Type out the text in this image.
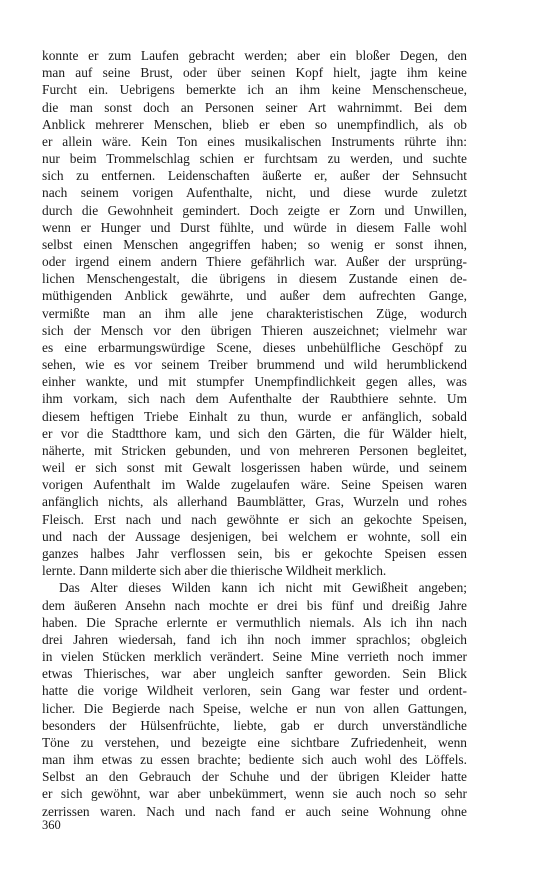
konnte er zum Laufen gebracht werden; aber ein bloßer Degen, den
man auf seine Brust, oder über seinen Kopf hielt, jagte ihm keine
Furcht ein. Uebrigens bemerkte ich an ihm keine Menschenscheue,
die man sonst doch an Personen seiner Art wahrnimmt. Bei dem
Anblick mehrerer Menschen, blieb er eben so unempfindlich, als ob
er allein wäre. Kein Ton eines musikalischen Instruments rührte ihn:
nur beim Trommelschlag schien er furchtsam zu werden, und suchte
sich zu entfernen. Leidenschaften äußerte er, außer der Sehnsucht
nach seinem vorigen Aufenthalte, nicht, und diese wurde zuletzt
durch die Gewohnheit gemindert. Doch zeigte er Zorn und Unwillen,
wenn er Hunger und Durst fühlte, und würde in diesem Falle wohl
selbst einen Menschen angegriffen haben; so wenig er sonst ihnen,
oder irgend einem andern Thiere gefährlich war. Außer der ursprüng-
lichen Menschengestalt, die übrigens in diesem Zustande einen de-
müthigenden Anblick gewährte, und außer dem aufrechten Gange,
vermißte man an ihm alle jene charakteristischen Züge, wodurch
sich der Mensch vor den übrigen Thieren auszeichnet; vielmehr war
es eine erbarmungswürdige Scene, dieses unbehülfliche Geschöpf zu
sehen, wie es vor seinem Treiber brummend und wild herumblickend
einher wankte, und mit stumpfer Unempfindlichkeit gegen alles, was
ihm vorkam, sich nach dem Aufenthalte der Raubthiere sehnte. Um
diesem heftigen Triebe Einhalt zu thun, wurde er anfänglich, sobald
er vor die Stadtthore kam, und sich den Gärten, die für Wälder hielt,
näherte, mit Stricken gebunden, und von mehreren Personen begleitet,
weil er sich sonst mit Gewalt losgerissen haben würde, und seinem
vorigen Aufenthalt im Walde zugelaufen wäre. Seine Speisen waren
anfänglich nichts, als allerhand Baumblätter, Gras, Wurzeln und rohes
Fleisch. Erst nach und nach gewöhnte er sich an gekochte Speisen,
und nach der Aussage desjenigen, bei welchem er wohnte, soll ein
ganzes halbes Jahr verflossen sein, bis er gekochte Speisen essen
lernte. Dann milderte sich aber die thierische Wildheit merklich.
Das Alter dieses Wilden kann ich nicht mit Gewißheit angeben;
dem äußeren Ansehn nach mochte er drei bis fünf und dreißig Jahre
haben. Die Sprache erlernte er vermuthlich niemals. Als ich ihn nach
drei Jahren wiedersah, fand ich ihn noch immer sprachlos; obgleich
in vielen Stücken merklich verändert. Seine Mine verrieth noch immer
etwas Thierisches, war aber ungleich sanfter geworden. Sein Blick
hatte die vorige Wildheit verloren, sein Gang war fester und ordent-
licher. Die Begierde nach Speise, welche er nun von allen Gattungen,
besonders der Hülsenfrüchte, liebte, gab er durch unverständliche
Töne zu verstehen, und bezeigte eine sichtbare Zufriedenheit, wenn
man ihm etwas zu essen brachte; bediente sich auch wohl des Löffels.
Selbst an den Gebrauch der Schuhe und der übrigen Kleider hatte
er sich gewöhnt, war aber unbekümmert, wenn sie auch noch so sehr
zerrissen waren. Nach und nach fand er auch seine Wohnung ohne
360
